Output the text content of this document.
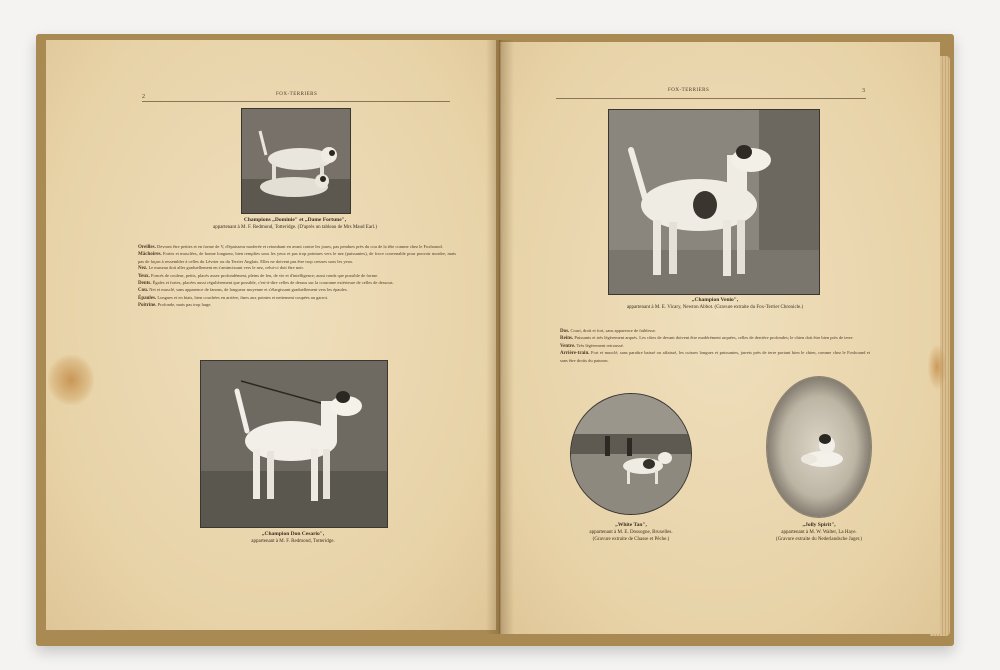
2	FOX-TERRIERS
Champions „Dominie" et „Dame Fortune",
appartenant à M. F. Redmond, Totteridge. (D'après un tableau de Mrs Maud Earl.)
Oreilles. Devront être petites et en forme de V, d'épaisseur moderée et retombant en avant contre les joues, pas pendues près du cou de la tête comme chez le Foxhound.
Mâchoires. Fortes et musclées, de bonne longueur, bien remplies sous les yeux et pas trop pointues vers le nez (puissantes), de force convenable pour pouvoir mordre, mais pas de façon à ressembler à celles du Lévrier ou du Terrier Anglais. Elles ne doivent pas être trop creuses sous les yeux.
Nez. Le museau doit aller graduellement en s'amincissant vers le nez, celui-ci doit être noir.
Yeux. Foncés de couleur, petits, placés assez profondément, pleins de feu, de vie et d'intelligence; aussi ronds que possible de forme.
Dents. Égales et fortes, placées aussi régulièrement que possible, c'est-à-dire celles de dessus sur la couronne extérieure de celles de dessous.
Cou. Net et musclé, sans apparence de fanons, de longueur moyenne et s'élargissant graduellement vers les épaules.
Épaules. Longues et en biais, bien couchées en arrière, fines aux pointes et nettement coupées au garrot.
Poitrine. Profonde, mais pas trop large.
„Champion Don Cesario",
appartenant à M. F. Redmond, Totteridge.
FOX-TERRIERS	3
„Champion Venio",
appartenant à M. E. Vicary, Newton Abbot. (Gravure extraite du Fox-Terrier Chronicle.)
Dos. Court, droit et fort, sans apparence de faiblesse.
Reins. Puissants et très légèrement arqués. Les côtes de devant doivent être modérément arquées, celles de derrière profondes; le chien doit être bien près de terre.
Ventre. Très légèrement retroussé.
Arrière-train. Fort et musclé, sans paraître baissé ou affaissé, les cuisses longues et puissantes, jarrets près de terre portant bien le chien, comme chez le Foxhound et sans être droits du paturon.
„White Tan",
appartenant à M. E. Dossogne, Bruxelles.
(Gravure extraite de Chasse et Pêche.)
„Jolly Spirit",
appartenant à M. W. Walter, La Haye.
(Gravure extraite du Nederlandsche Jager.)
